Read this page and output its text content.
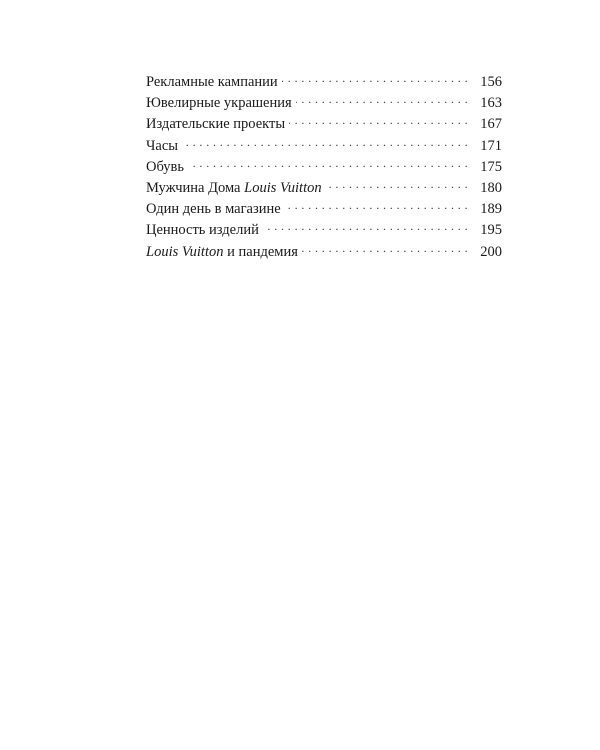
Рекламные кампании . . .	156
Ювелирные украшения . . .	163
Издательские проекты . . .	167
Часы . . .	171
Обувь . . .	175
Мужчина Дома Louis Vuitton . . .	180
Один день в магазине . . .	189
Ценность изделий . . .	195
Louis Vuitton и пандемия . . .	200
